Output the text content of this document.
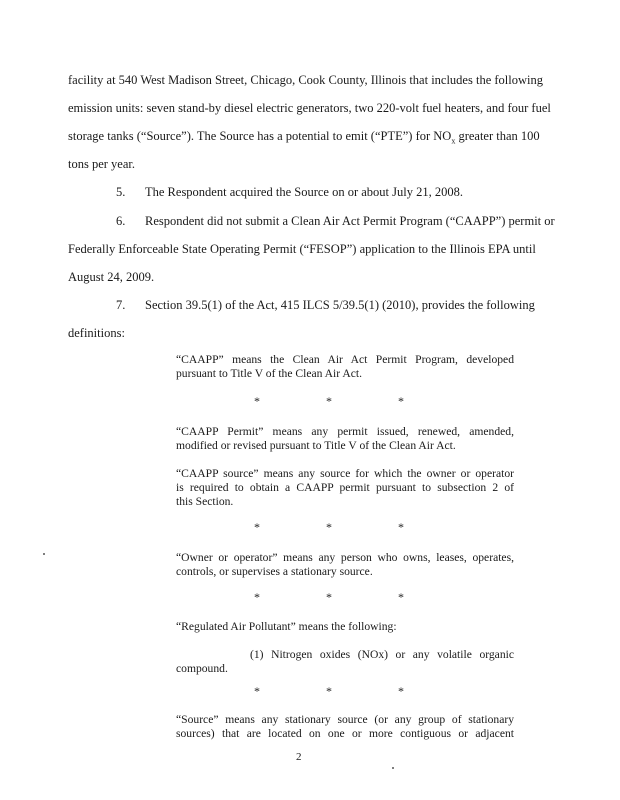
facility at 540 West Madison Street, Chicago, Cook County, Illinois that includes the following
emission units: seven stand-by diesel electric generators, two 220-volt fuel heaters, and four fuel
storage tanks (“Source”). The Source has a potential to emit (“PTE”) for $NO_x$ greater than 100
tons per year.
5. The Respondent acquired the Source on or about July 21, 2008.
6. Respondent did not submit a Clean Air Act Permit Program (“CAAPP”) permit or
Federally Enforceable State Operating Permit (“FESOP”) application to the Illinois EPA until
August 24, 2009.
7. Section 39.5(1) of the Act, 415 ILCS 5/39.5(1) (2010), provides the following
definitions:
“CAAPP” means the Clean Air Act Permit Program, developed
pursuant to Title V of the Clean Air Act.
*	*	*
“CAAPP Permit” means any permit issued, renewed, amended,
modified or revised pursuant to Title V of the Clean Air Act.
“CAAPP source” means any source for which the owner or operator
is required to obtain a CAAPP permit pursuant to subsection 2 of
this Section.
*	*	*
“Owner or operator” means any person who owns, leases, operates,
controls, or supervises a stationary source.
*	*	*
“Regulated Air Pollutant” means the following:
(1) Nitrogen oxides (NOx) or any volatile organic
compound.
*	*	*
“Source” means any stationary source (or any group of stationary
sources) that are located on one or more contiguous or adjacent
2
